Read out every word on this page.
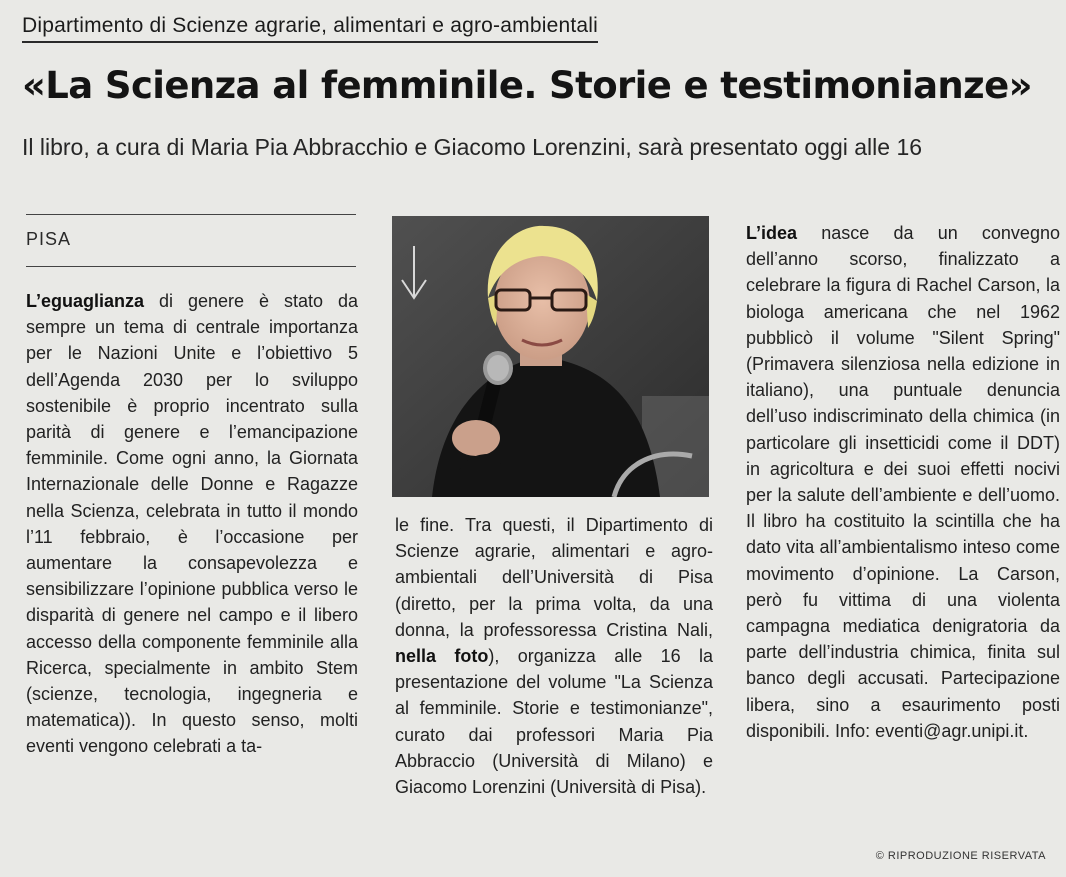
Dipartimento di Scienze agrarie, alimentari e agro-ambientali
«La Scienza al femminile. Storie e testimonianze»
Il libro, a cura di Maria Pia Abbracchio e Giacomo Lorenzini, sarà presentato oggi alle 16
PISA

L’eguaglianza di genere è stato da sempre un tema di centrale importanza per le Nazioni Unite e l’obiettivo 5 dell’Agenda 2030 per lo sviluppo sostenibile è proprio incentrato sulla parità di genere e l’emancipazione femminile. Come ogni anno, la Giornata Internazionale delle Donne e Ragazze nella Scienza, celebrata in tutto il mondo l’11 febbraio, è l’occasione per aumentare la consapevolezza e sensibilizzare l’opinione pubblica verso le disparità di genere nel campo e il libero accesso della componente femminile alla Ricerca, specialmente in ambito Stem (scienze, tecnologia, ingegneria e matematica)). In questo senso, molti eventi vengono celebrati a ta-

le fine. Tra questi, il Dipartimento di Scienze agrarie, alimentari e agro- ambientali dell’Università di Pisa (diretto, per la prima volta, da una donna, la professoressa Cristina Nali, nella foto), organizza alle 16 la presentazione del volume "La Scienza al femminile. Storie e testimonianze", curato dai professori Maria Pia Abbraccio (Università di Milano) e Giacomo Lorenzini (Università di Pisa).

L’idea nasce da un convegno dell’anno scorso, finalizzato a celebrare la figura di Rachel Carson, la biologa americana che nel 1962 pubblicò il volume "Silent Spring" (Primavera silenziosa nella edizione in italiano), una puntuale denuncia dell’uso indiscriminato della chimica (in particolare gli insetticidi come il DDT) in agricoltura e dei suoi effetti nocivi per la salute dell’ambiente e dell’uomo. Il libro ha costituito la scintilla che ha dato vita all’ambientalismo inteso come movimento d’opinione. La Carson, però fu vittima di una violenta campagna mediatica denigratoria da parte dell’industria chimica, finita sul banco degli accusati. Partecipazione libera, sino a esaurimento posti disponibili. Info: eventi@agr.unipi.it.

© RIPRODUZIONE RISERVATA
